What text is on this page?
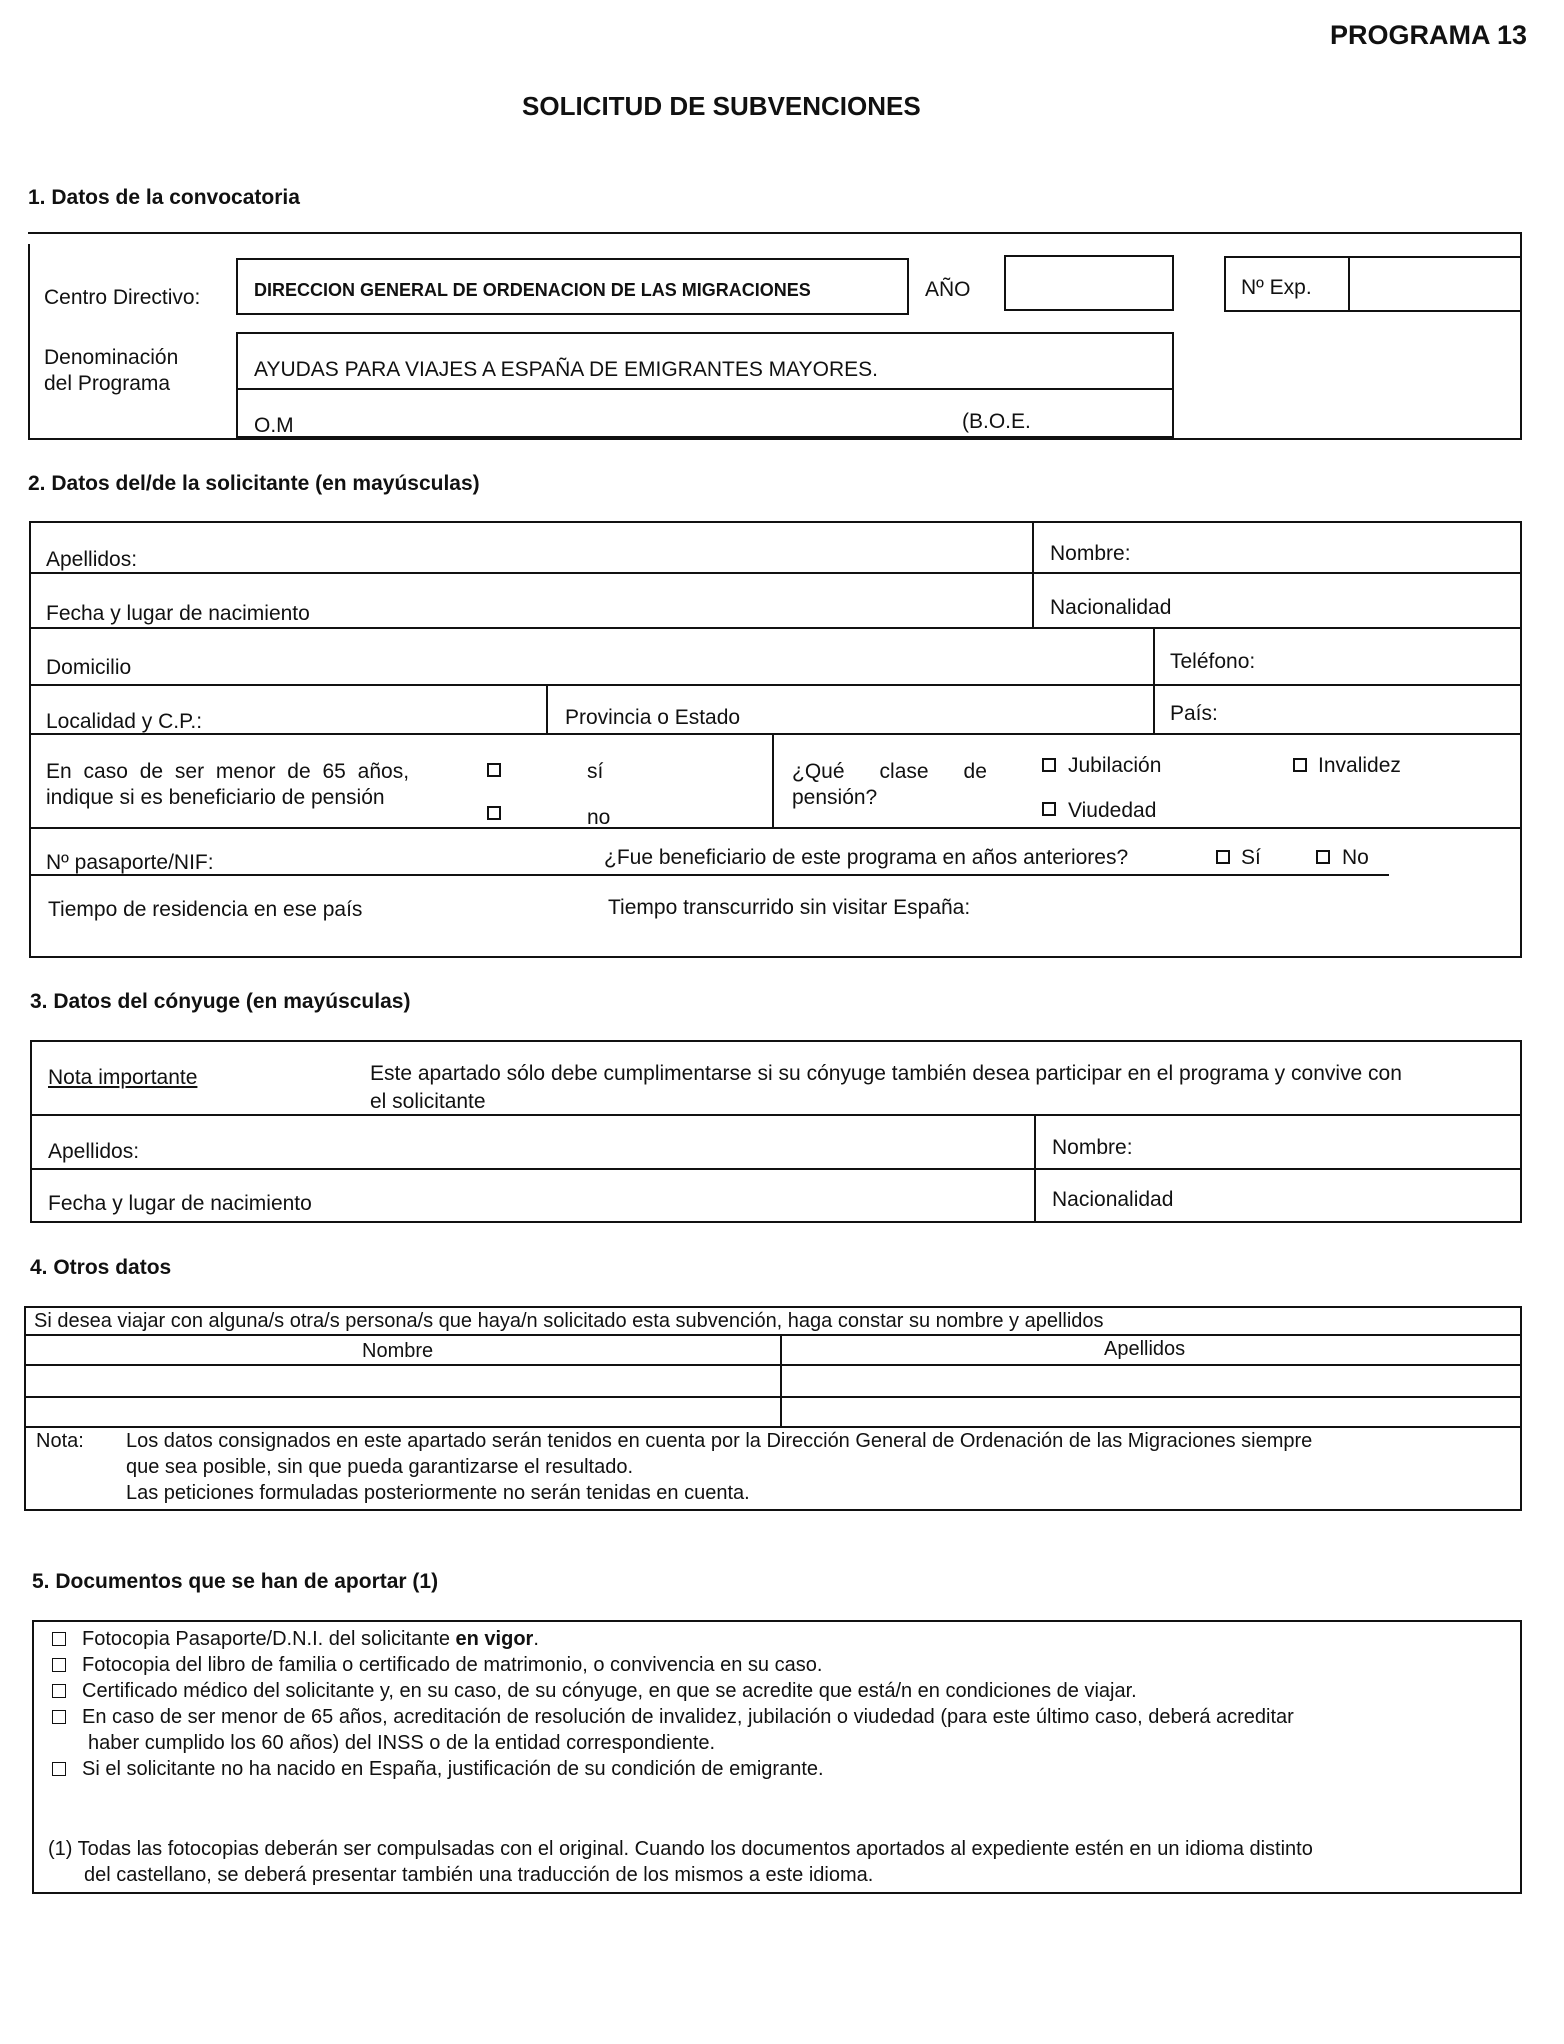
PROGRAMA 13
SOLICITUD DE SUBVENCIONES
1. Datos de la convocatoria
Centro Directivo:	DIRECCION GENERAL DE ORDENACION DE LAS MIGRACIONES	AÑO	Nº Exp.
Denominación
del Programa
AYUDAS PARA VIAJES A ESPAÑA DE EMIGRANTES MAYORES.
O.M	(B.O.E.
2. Datos del/de la solicitante (en mayúsculas)
Apellidos:	Nombre:
Fecha y lugar de nacimiento	Nacionalidad
Domicilio	Teléfono:
Localidad y C.P.:	Provincia o Estado	País:
En caso de ser menor de 65 años,
indique si es beneficiario de pensión
sí
no
¿Qué      clase      de
pensión?
Jubilación	Invalidez
Viudedad
Nº pasaporte/NIF:	¿Fue beneficiario de este programa en años anteriores?	Sí	No
Tiempo de residencia en ese país	Tiempo transcurrido sin visitar España:
3. Datos del cónyuge (en mayúsculas)
Nota importante	Este apartado sólo debe cumplimentarse si su cónyuge también desea participar en el programa y convive con
el solicitante
Apellidos:	Nombre:
Fecha y lugar de nacimiento	Nacionalidad
4. Otros datos
Si desea viajar con alguna/s otra/s persona/s que haya/n solicitado esta subvención, haga constar su nombre y apellidos
Nombre	Apellidos
Nota: Los datos consignados en este apartado serán tenidos en cuenta por la Dirección General de Ordenación de las Migraciones siempre
que sea posible, sin que pueda garantizarse el resultado.
Las peticiones formuladas posteriormente no serán tenidas en cuenta.
5. Documentos que se han de aportar (1)
Fotocopia Pasaporte/D.N.I. del solicitante en vigor.
Fotocopia del libro de familia o certificado de matrimonio, o convivencia en su caso.
Certificado médico del solicitante y, en su caso, de su cónyuge, en que se acredite que está/n en condiciones de viajar.
En caso de ser menor de 65 años, acreditación de resolución de invalidez, jubilación o viudedad (para este último caso, deberá acreditar
haber cumplido los 60 años) del INSS o de la entidad correspondiente.
Si el solicitante no ha nacido en España, justificación de su condición de emigrante.
(1) Todas las fotocopias deberán ser compulsadas con el original. Cuando los documentos aportados al expediente estén en un idioma distinto
del castellano, se deberá presentar también una traducción de los mismos a este idioma.
